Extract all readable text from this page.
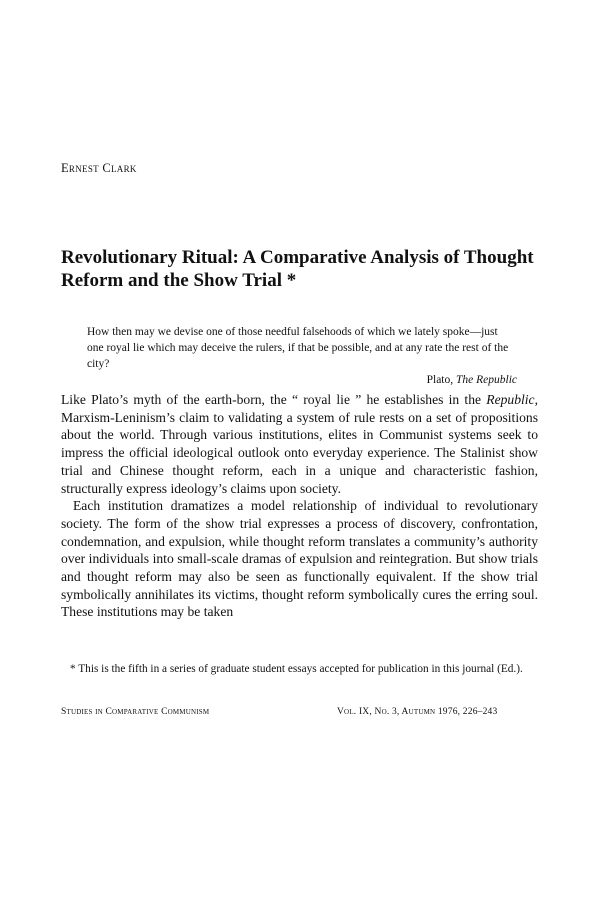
Ernest Clark
Revolutionary Ritual: A Comparative Analysis of Thought Reform and the Show Trial *
How then may we devise one of those needful falsehoods of which we lately spoke—just one royal lie which may deceive the rulers, if that be possible, and at any rate the rest of the city?
Plato, The Republic

Like Plato’s myth of the earth-born, the “ royal lie ” he establishes in the Republic, Marxism-Leninism’s claim to validating a system of rule rests on a set of propositions about the world. Through various institutions, elites in Communist systems seek to impress the official ideological outlook onto everyday experience. The Stalinist show trial and Chinese thought reform, each in a unique and characteristic fashion, structurally express ideology’s claims upon society.

Each institution dramatizes a model relationship of individual to revolutionary society. The form of the show trial expresses a process of discovery, confrontation, condemnation, and expulsion, while thought reform translates a community’s authority over individuals into small-scale dramas of expulsion and reintegration. But show trials and thought reform may also be seen as functionally equivalent. If the show trial symbolically annihilates its victims, thought reform symbolically cures the erring soul. These institutions may be taken

* This is the fifth in a series of graduate student essays accepted for publication in this journal (Ed.).

Studies in Comparative Communism	Vol. IX, No. 3, Autumn 1976, 226–243
